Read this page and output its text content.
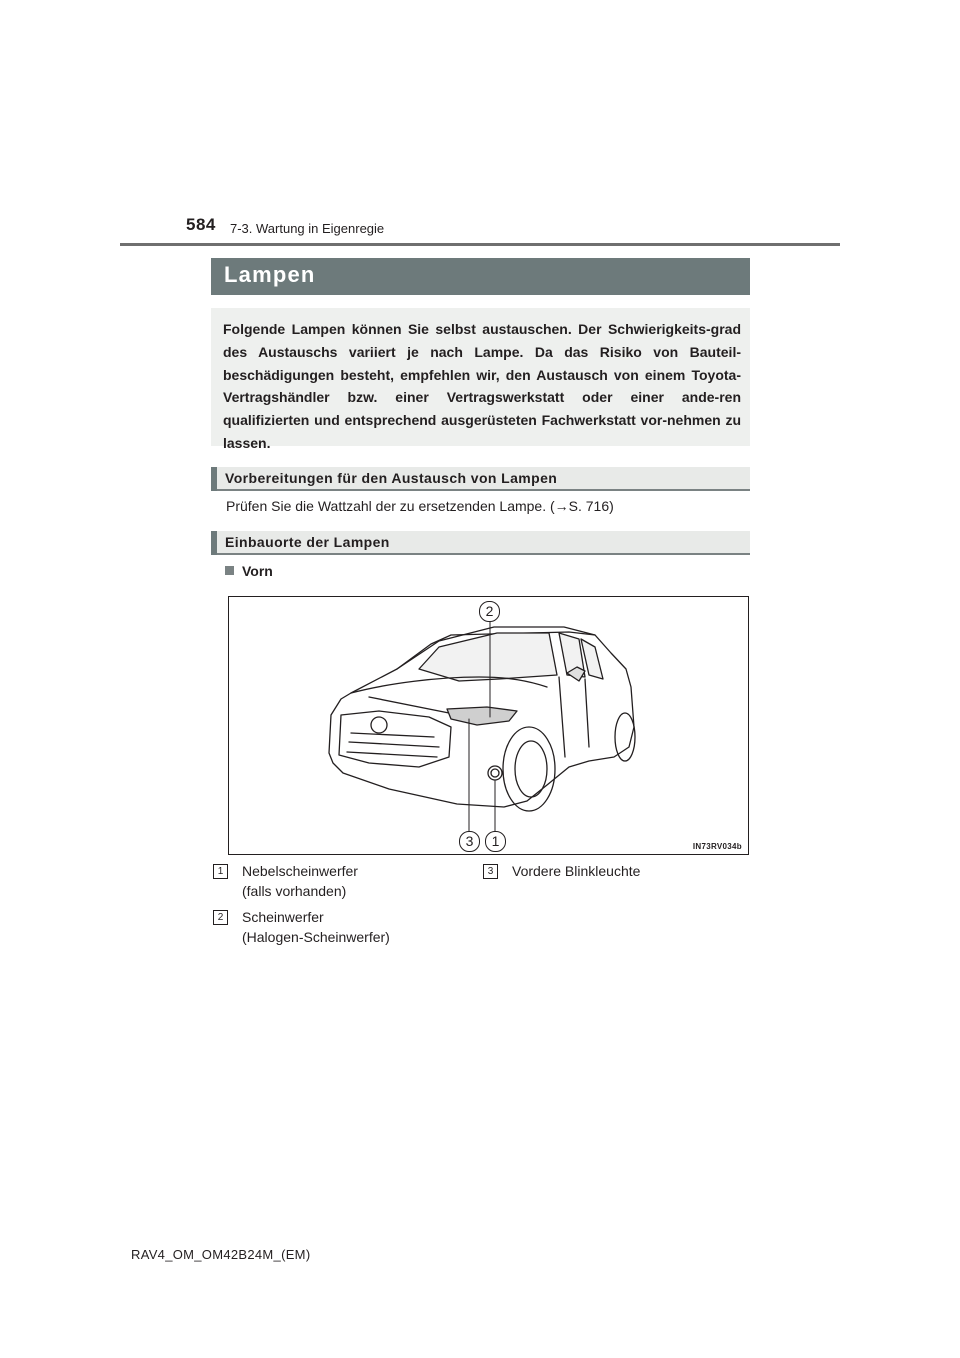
584 7-3. Wartung in Eigenregie
Lampen

Folgende Lampen können Sie selbst austauschen. Der Schwierigkeits-grad des Austauschs variiert je nach Lampe. Da das Risiko von Bauteil-beschädigungen besteht, empfehlen wir, den Austausch von einem Toyota-Vertragshändler bzw. einer Vertragswerkstatt oder einer ande-ren qualifizierten und entsprechend ausgerüsteten Fachwerkstatt vor-nehmen zu lassen.

Vorbereitungen für den Austausch von Lampen
Prüfen Sie die Wattzahl der zu ersetzenden Lampe. (→S. 716)
Einbauorte der Lampen
Vorn
2
3	1	IN73RV034b
1	Nebelscheinwerfer
(falls vorhanden)
2	Scheinwerfer
(Halogen-Scheinwerfer)
3	Vordere Blinkleuchte
RAV4_OM_OM42B24M_(EM)
